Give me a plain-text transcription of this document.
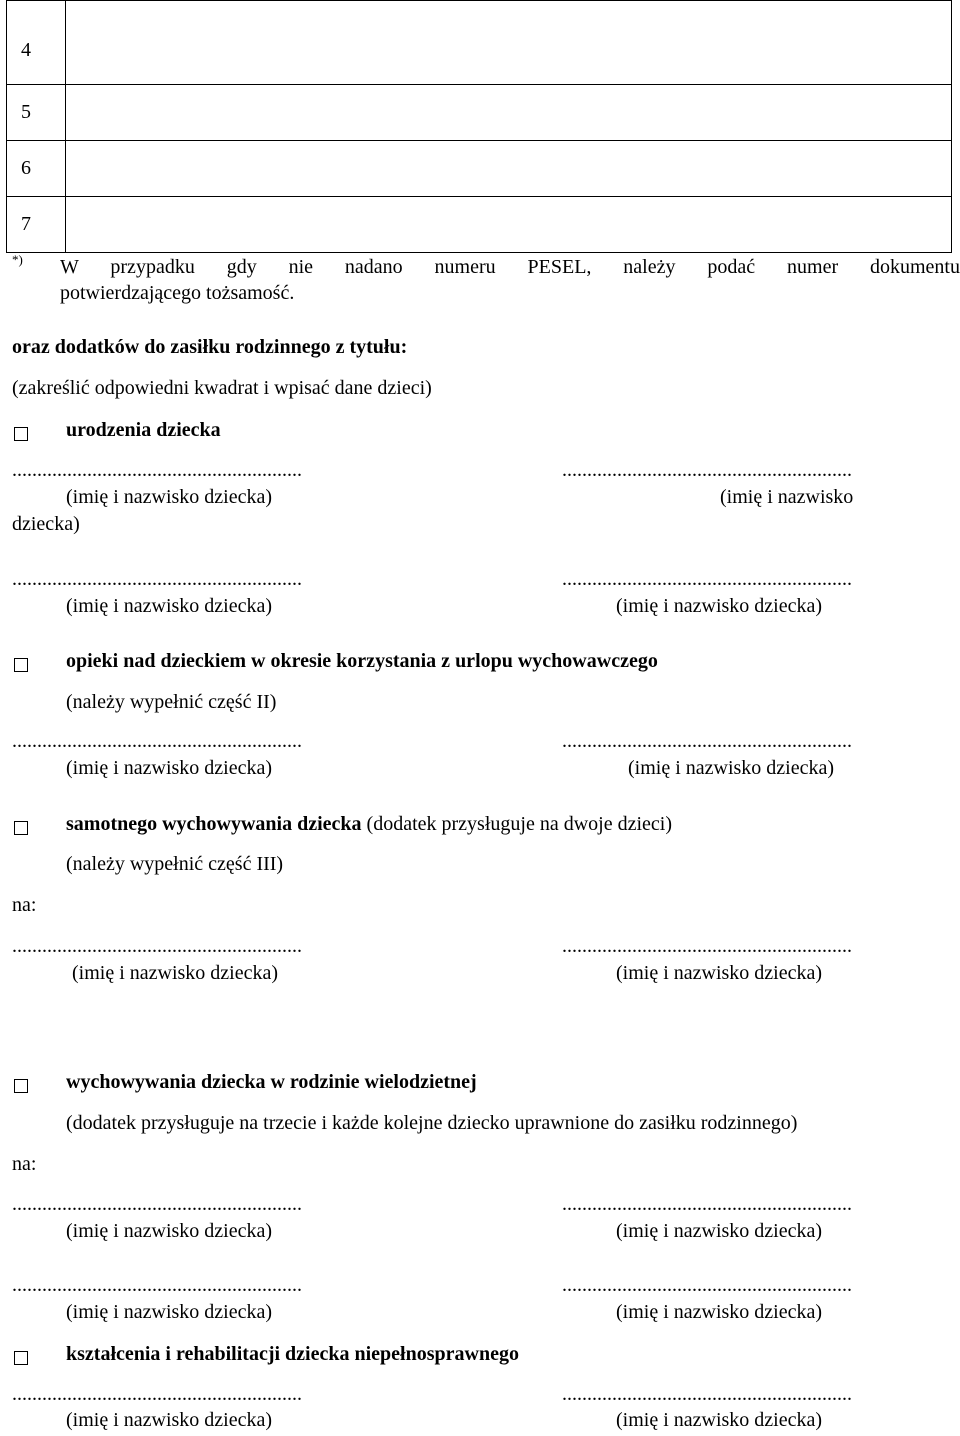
4	
5	
6	
7	
*) W przypadku gdy nie nadano numeru PESEL, należy podać numer dokumentu
potwierdzającego tożsamość.
oraz dodatków do zasiłku rodzinnego z tytułu:
(zakreślić odpowiedni kwadrat i wpisać dane dzieci)
urodzenia dziecka
..........................................................	..........................................................
(imię i nazwisko dziecka)	(imię i nazwisko
dziecka)
..........................................................	..........................................................
(imię i nazwisko dziecka)	(imię i nazwisko dziecka)
opieki nad dzieckiem w okresie korzystania z urlopu wychowawczego
(należy wypełnić część II)
..........................................................	..........................................................
(imię i nazwisko dziecka)	(imię i nazwisko dziecka)
samotnego wychowywania dziecka (dodatek przysługuje na dwoje dzieci)
(należy wypełnić część III)
na:
..........................................................	..........................................................
(imię i nazwisko dziecka)	(imię i nazwisko dziecka)
wychowywania dziecka w rodzinie wielodzietnej
(dodatek przysługuje na trzecie i każde kolejne dziecko uprawnione do zasiłku rodzinnego)
na:
..........................................................	..........................................................
(imię i nazwisko dziecka)	(imię i nazwisko dziecka)
..........................................................	..........................................................
(imię i nazwisko dziecka)	(imię i nazwisko dziecka)
kształcenia i rehabilitacji dziecka niepełnosprawnego
..........................................................	..........................................................
(imię i nazwisko dziecka)	(imię i nazwisko dziecka)
